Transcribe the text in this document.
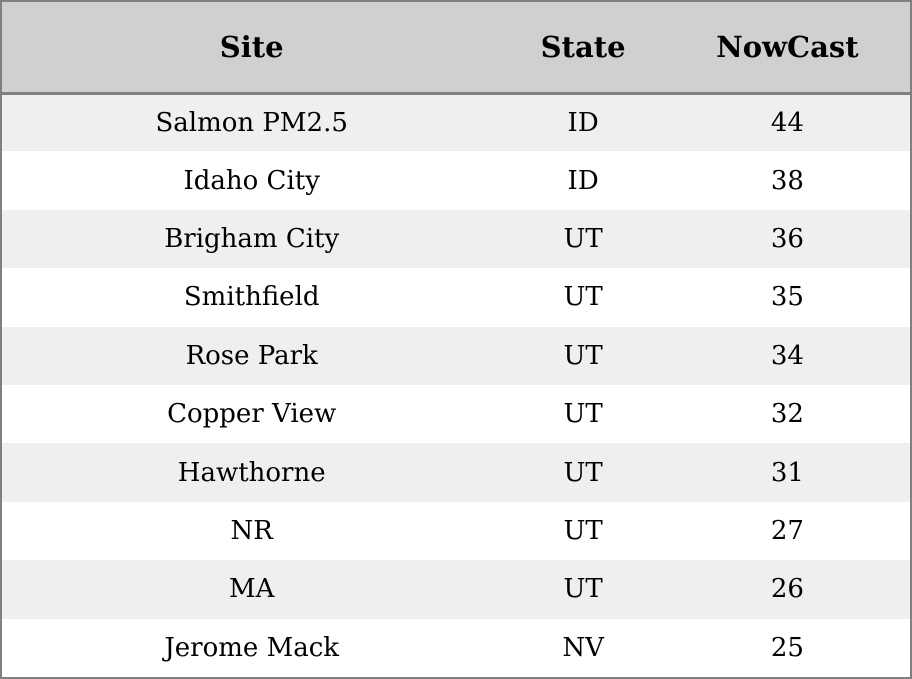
Site	State	NowCast
Salmon PM2.5	ID	44
Idaho City	ID	38
Brigham City	UT	36
Smithfield	UT	35
Rose Park	UT	34
Copper View	UT	32
Hawthorne	UT	31
NR	UT	27
MA	UT	26
Jerome Mack	NV	25
